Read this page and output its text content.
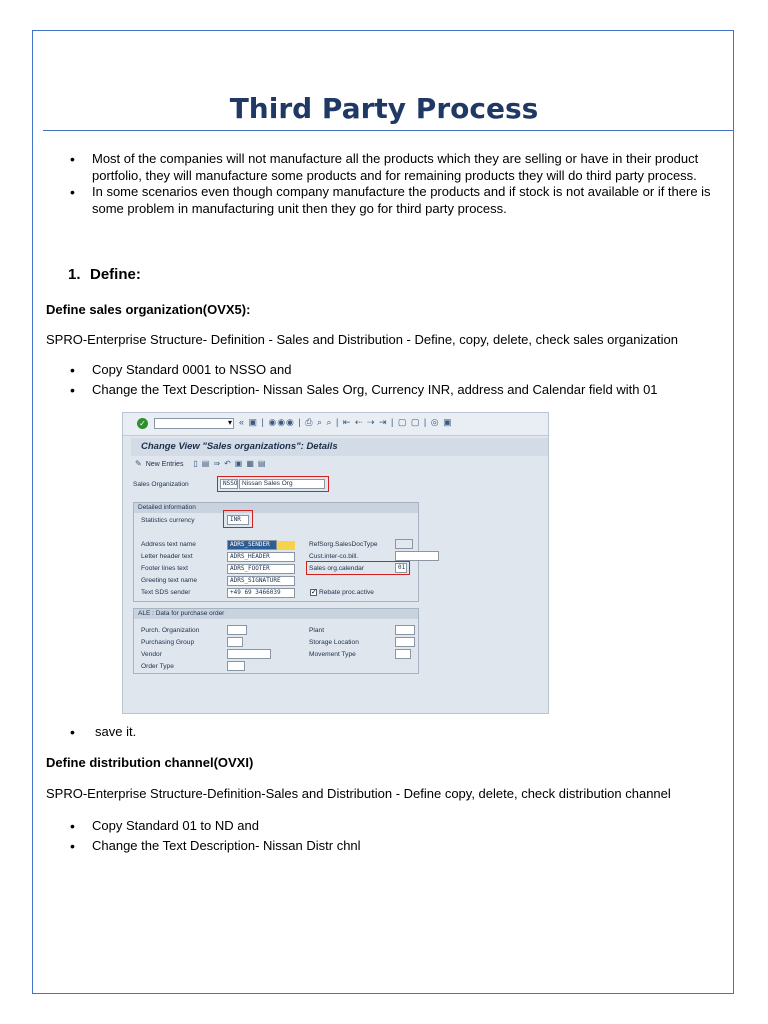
Third Party Process
• Most of the companies will not manufacture all the products which they are selling or have in their product portfolio, they will manufacture some products and for remaining products they will do third party process.
• In some scenarios even though company manufacture the products and if stock is not available or if there is some problem in manufacturing unit then they go for third party process.
1. Define:
Define sales organization(OVX5):
SPRO-Enterprise Structure- Definition - Sales and Distribution - Define, copy, delete, check sales organization
• Copy Standard 0001 to NSSO and
• Change the Text Description- Nissan Sales Org, Currency INR, address and Calendar field with 01
✓
▾	« ▣ | ◉◉◉ | ⎙ ⌕ ⌕ | ⇤ ⇠ ⇢ ⇥ | ▢ ▢ | ◎ ▣
Change View "Sales organizations": Details
✎ New Entries ▯ ▤ ⇒ ↶ ▣ ▦ ▤
Sales Organization	NSSO Nissan Sales Org
Detailed information
Statistics currency	INR
Address text name	ADRS_SENDER
Letter header text	ADRS_HEADER
Footer lines text	ADRS_FOOTER
Greeting text name	ADRS_SIGNATURE
Text SDS sender	+49 69 3466039
RefSorg.SalesDocType
Cust.inter-co.bill.
Sales org.calendar	01
✓ Rebate proc.active
ALE : Data for purchase order
Purch. Organization
Purchasing Group
Vendor
Order Type
Plant
Storage Location
Movement Type
• save it.
Define distribution channel(OVXI)
SPRO-Enterprise Structure-Definition-Sales and Distribution - Define copy, delete, check distribution channel
• Copy Standard 01 to ND and
• Change the Text Description- Nissan Distr chnl
